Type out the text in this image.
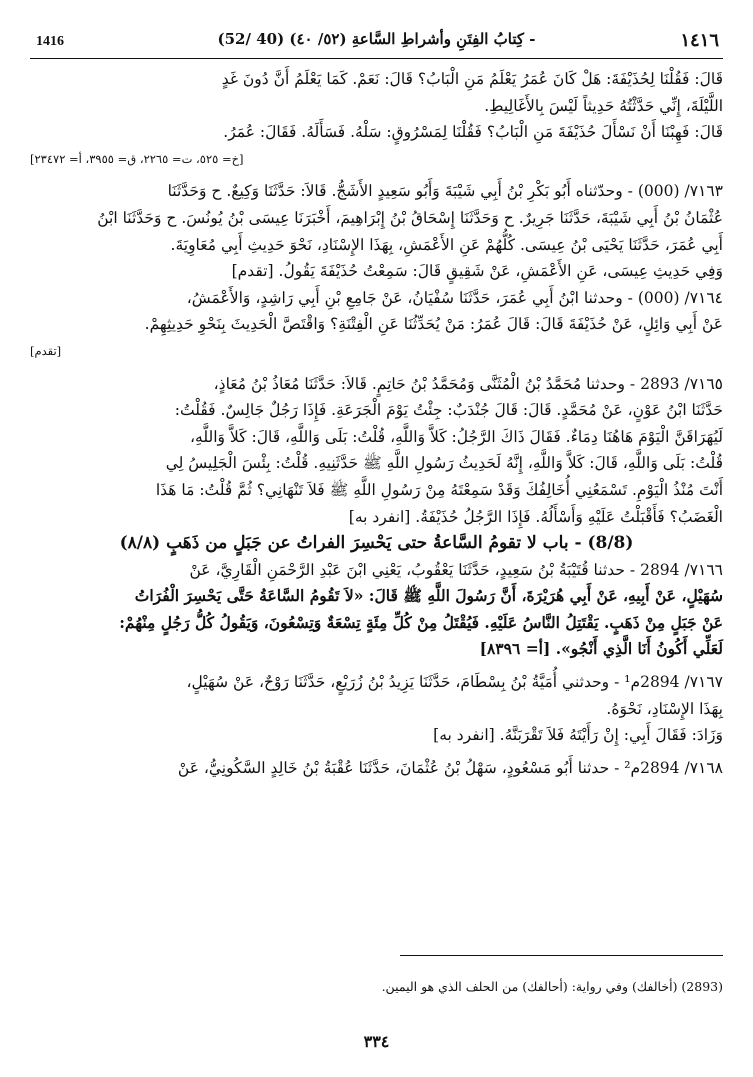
١٤١٦
- كِتابُ الفِتَنِ وأشراطِ السَّاعةِ (٥٢/ ٤٠) (40 /52)
1416

قَالَ: فَقُلْنَا لِحُذَيْفَةَ: هَلْ كَانَ عُمَرُ يَعْلَمُ مَنِ الْبَابُ؟ قَالَ: نَعَمْ. كَمَا يَعْلَمُ أَنَّ دُونَ غَدٍ

اللَّيْلَةَ، إِنِّي حَدَّثْتُهُ حَدِيثاً لَيْسَ بِالأَغَالِيطِ.

قَالَ: فَهِبْنَا أَنْ نَسْأَلَ حُذَيْفَةَ مَنِ الْبَابُ؟ فَقُلْنَا لِمَسْرُوقٍ: سَلْهُ. فَسَأَلَهُ. فَقَالَ: عُمَرُ.

[خ= ٥٢٥، ت= ٢٢٦٥، ق= ٣٩٥٥، أ= ٢٣٤٧٢]

٧١٦٣/ (000) - وحدّثناه أَبُو بَكْرِ بْنُ أَبِي شَيْبَةَ وَأَبُو سَعِيدٍ الأَشَجُّ. قَالاَ: حَدَّثَنَا وَكِيعٌ. ح وَحَدَّثَنَا

عُثْمَانُ بْنُ أَبِي شَيْبَةَ، حَدَّثَنَا جَرِيرٌ. ح وَحَدَّثَنَا إِسْحَاقُ بْنُ إِبْرَاهِيمَ، أَخْبَرَنَا عِيسَى بْنُ يُونُسَ. ح وَحَدَّثَنَا ابْنُ

أَبِي عُمَرَ، حَدَّثَنَا يَحْيَى بْنُ عِيسَى. كُلُّهُمْ عَنِ الأَعْمَشِ، بِهَذَا الإِسْنَادِ، نَحْوَ حَدِيثِ أَبِي مُعَاوِيَةَ.

وَفِي حَدِيثِ عِيسَى، عَنِ الأَعْمَشِ، عَنْ شَقِيقٍ قَالَ: سَمِعْتُ حُذَيْفَةَ يَقُولُ. [تقدم]

٧١٦٤/ (000) - وحدثنا ابْنُ أَبِي عُمَرَ، حَدَّثَنَا سُفْيَانُ، عَنْ جَامِعِ بْنِ أَبِي رَاشِدٍ، وَالأَعْمَشُ،

عَنْ أَبِي وَائِلٍ، عَنْ حُذَيْفَةَ قَالَ: قَالَ عُمَرُ: مَنْ يُحَدِّثُنَا عَنِ الْفِتْنَةِ؟ وَاقْتَصَّ الْحَدِيثَ بِنَحْوِ حَدِيثِهِمْ.

[تقدم]

٧١٦٥/ 2893 - وحدثنا مُحَمَّدُ بْنُ الْمُثَنَّى وَمُحَمَّدُ بْنُ حَاتِمٍ. قَالاَ: حَدَّثَنَا مُعَاذُ بْنُ مُعَاذٍ،

حَدَّثَنَا ابْنُ عَوْنٍ، عَنْ مُحَمَّدٍ. قَالَ: قَالَ جُنْدَبٌ: جِئْتُ يَوْمَ الْجَرَعَةِ. فَإِذَا رَجُلٌ جَالِسٌ. فَقُلْتُ:

لَيُهَرَاقَنَّ الْيَوْمَ هَاهُنَا دِمَاءٌ. فَقَالَ ذَاكَ الرَّجُلُ: كَلاَّ وَاللَّهِ، قُلْتُ: بَلَى وَاللَّهِ، قَالَ: كَلاَّ وَاللَّهِ،

قُلْتُ: بَلَى وَاللَّهِ، قَالَ: كَلاَّ وَاللَّهِ، إِنَّهُ لَحَدِيثُ رَسُولِ اللَّهِ ﷺ حَدَّثَنِيهِ. قُلْتُ: بِئْسَ الْجَلِيسُ لِي

أَنْتَ مُنْذُ الْيَوْمِ. تَسْمَعُنِي أُخَالِفُكَ وَقَدْ سَمِعْتَهُ مِنْ رَسُولِ اللَّهِ ﷺ فَلاَ تَنْهَانِي؟ ثُمَّ قُلْتُ: مَا هَذَا

الْغَضَبُ؟ فَأَقْبَلْتُ عَلَيْهِ وَأَسْأَلُهُ. فَإِذَا الرَّجُلُ حُذَيْفَةُ. [انفرد به]

(8/8) - باب لا تقومُ السَّاعةُ حتى يَحْسِرَ الفراتُ عن جَبَلٍ من ذَهَبٍ (٨/٨)

٧١٦٦/ 2894 - حدثنا قُتَيْبَةُ بْنُ سَعِيدٍ، حَدَّثَنَا يَعْقُوبُ، يَعْنِي ابْنَ عَبْدِ الرَّحْمَنِ الْقَارِيَّ، عَنْ

سُهَيْلٍ، عَنْ أَبِيهِ، عَنْ أَبِي هُرَيْرَةَ، أَنَّ رَسُولَ اللَّهِ ﷺ قَالَ: «لاَ تَقُومُ السَّاعَةُ حَتَّى يَحْسِرَ الْفُرَاتُ

عَنْ جَبَلٍ مِنْ ذَهَبٍ. يَقْتَتِلُ النَّاسُ عَلَيْهِ. فَيُقْتَلُ مِنْ كُلِّ مِئَةٍ تِسْعَةٌ وَتِسْعُونَ، وَيَقُولُ كُلُّ رَجُلٍ مِنْهُمْ:

لَعَلِّي أَكُونُ أَنَا الَّذِي أَنْجُو». [أ= ٨٣٩٦]

٧١٦٧/ 2894م¹ - وحدثني أُمَيَّةُ بْنُ بِسْطَامَ، حَدَّثَنَا يَزِيدُ بْنُ زُرَيْعٍ، حَدَّثَنَا رَوْحٌ، عَنْ سُهَيْلٍ،

بِهَذَا الإِسْنَادِ، نَحْوَهُ.

وَزَادَ: فَقَالَ أَبِي: إِنْ رَأَيْتَهُ فَلاَ تَقْرَبَنَّهُ. [انفرد به]

٧١٦٨/ 2894م² - حدثنا أَبُو مَسْعُودٍ، سَهْلُ بْنُ عُثْمَانَ، حَدَّثَنَا عُقْبَةُ بْنُ خَالِدٍ السَّكُونِيُّ، عَنْ

(2893) (أخالفك) وفي رواية: (أحالفك) من الحلف الذي هو اليمين.

٣٣٤
